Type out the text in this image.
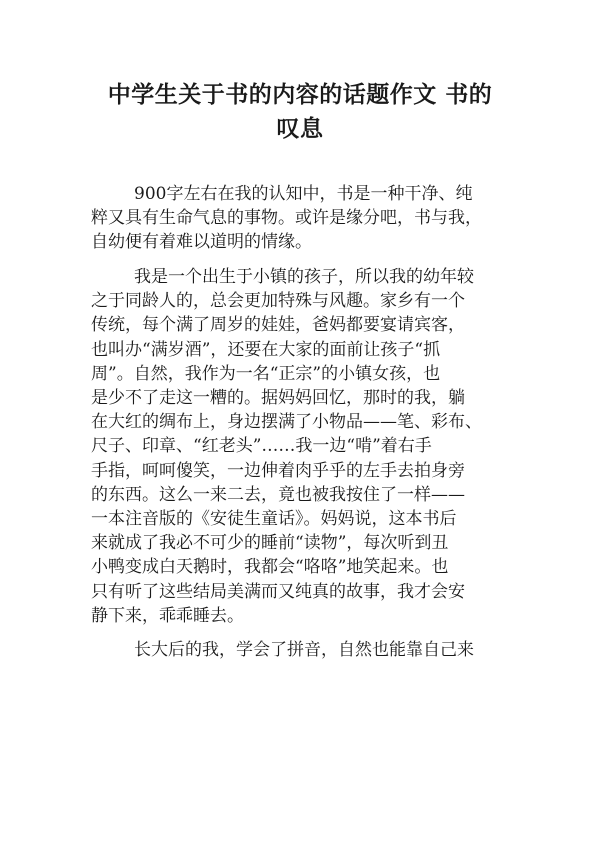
中学生关于书的内容的话题作文 书的
叹息

900字左右在我的认知中，书是一种干净、纯
粹又具有生命气息的事物。或许是缘分吧，书与我，
自幼便有着难以道明的情缘。

我是一个出生于小镇的孩子，所以我的幼年较
之于同龄人的，总会更加特殊与风趣。家乡有一个
传统，每个满了周岁的娃娃，爸妈都要宴请宾客，
也叫办“满岁酒”，还要在大家的面前让孩子“抓
周”。自然，我作为一名“正宗”的小镇女孩，也
是少不了走这一糟的。据妈妈回忆，那时的我，躺
在大红的绸布上，身边摆满了小物品——笔、彩布、
尺子、印章、“红老头”……我一边“啃”着右手
手指，呵呵傻笑，一边伸着肉乎乎的左手去拍身旁
的东西。这么一来二去，竟也被我按住了一样——
一本注音版的《安徒生童话》。妈妈说，这本书后
来就成了我必不可少的睡前“读物”，每次听到丑
小鸭变成白天鹅时，我都会“咯咯”地笑起来。也
只有听了这些结局美满而又纯真的故事，我才会安
静下来，乖乖睡去。

长大后的我，学会了拼音，自然也能靠自己来
